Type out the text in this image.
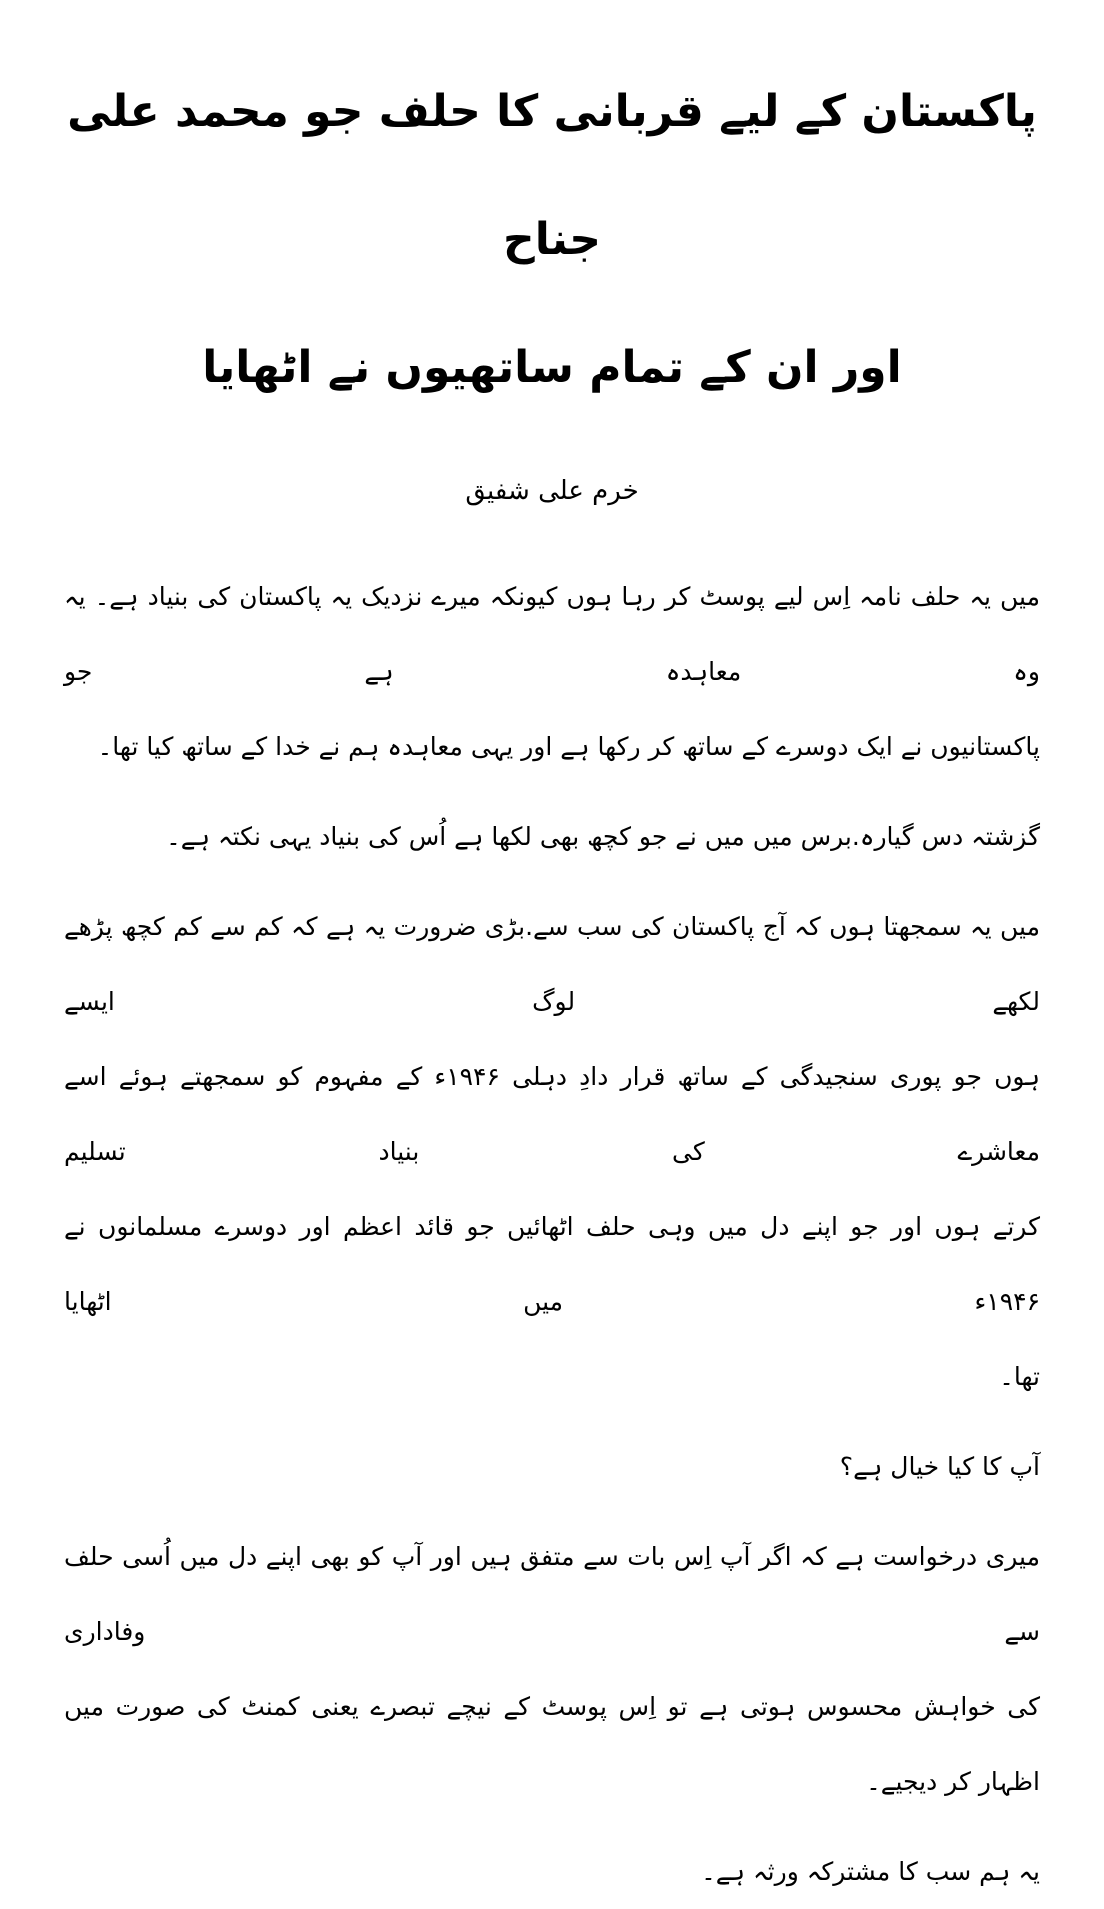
پاکستان کے لیے قربانی کا حلف جو محمد علی جناح
اور ان کے تمام ساتھیوں نے اٹھایا
خرم علی شفیق
میں یہ حلف نامہ اِس لیے پوسٹ کر رہا ہوں کیونکہ میرے نزدیک یہ پاکستان کی بنیاد ہے۔ یہ وہ معاہدہ ہے جو
پاکستانیوں نے ایک دوسرے کے ساتھ کر رکھا ہے اور یہی معاہدہ ہم نے خدا کے ساتھ کیا تھا۔
گزشتہ دس گیارہ.برس میں میں نے جو کچھ بھی لکھا ہے اُس کی بنیاد یہی نکتہ ہے۔
میں یہ سمجھتا ہوں کہ آج پاکستان کی سب سے.بڑی ضرورت یہ ہے کہ کم سے کم کچھ پڑھے لکھے لوگ ایسے
ہوں جو پوری سنجیدگی کے ساتھ قرار دادِ دہلی ۱۹۴۶ء کے مفہوم کو سمجھتے ہوئے اسے معاشرے کی بنیاد تسلیم
کرتے ہوں اور جو اپنے دل میں وہی حلف اٹھائیں جو قائد اعظم اور دوسرے مسلمانوں نے ۱۹۴۶ء میں اٹھایا
تھا۔
آپ کا کیا خیال ہے؟
میری درخواست ہے کہ اگر آپ اِس بات سے متفق ہیں اور آپ کو بھی اپنے دل میں اُسی حلف سے وفاداری
کی خواہش محسوس ہوتی ہے تو اِس پوسٹ کے نیچے تبصرے یعنی کمنٹ کی صورت میں اظہار کر دیجیے۔
یہ ہم سب کا مشترکہ ورثہ ہے۔
